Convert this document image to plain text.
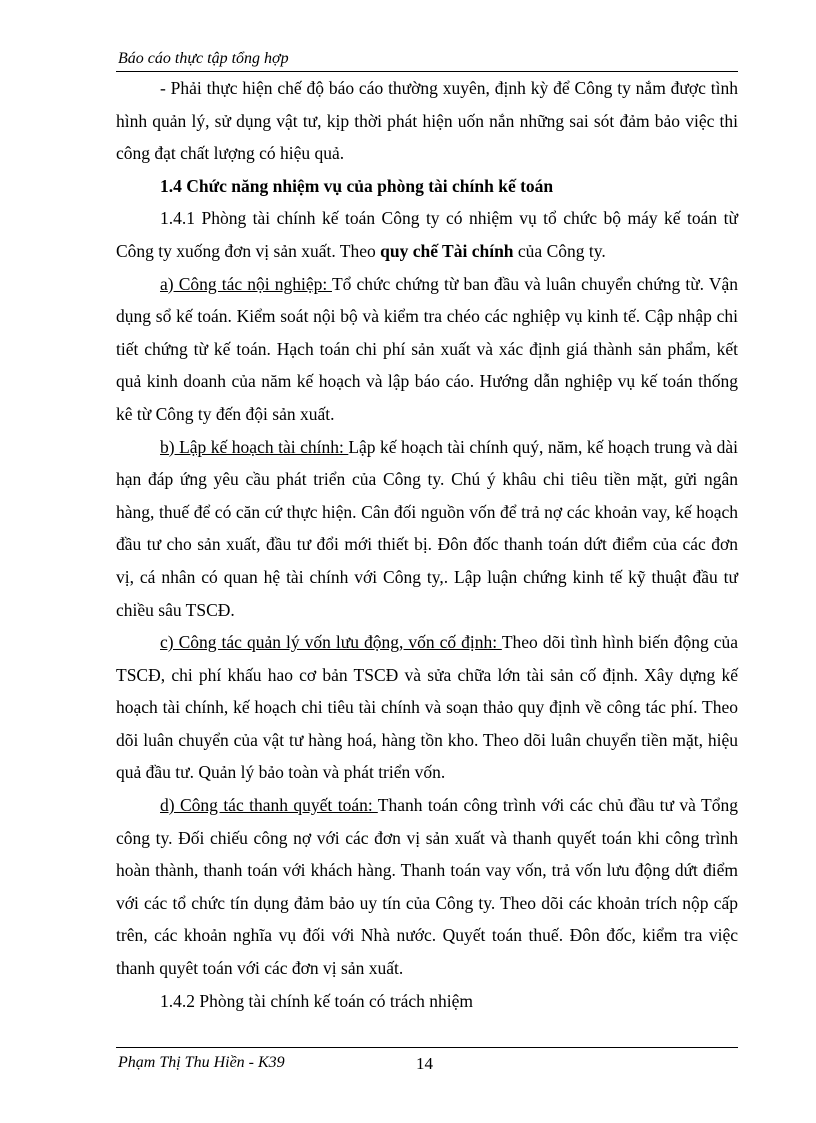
Báo cáo thực tập tổng hợp

- Phải thực hiện chế độ báo cáo thường xuyên, định kỳ để Công ty nắm được tình hình quản lý, sử dụng vật tư, kịp thời phát hiện uốn nắn những sai sót đảm bảo việc thi công đạt chất lượng có hiệu quả.

1.4 Chức năng nhiệm vụ của phòng tài chính kế toán

1.4.1 Phòng tài chính kế toán Công ty có nhiệm vụ tổ chức bộ máy kế toán từ Công ty xuống đơn vị sản xuất. Theo quy chế Tài chính của Công ty.

a) Công tác nội nghiệp: Tổ chức chứng từ ban đầu và luân chuyển chứng từ. Vận dụng sổ kế toán. Kiểm soát nội bộ và kiểm tra chéo các nghiệp vụ kinh tế. Cập nhập chi tiết chứng từ kế toán. Hạch toán chi phí sản xuất và xác định giá thành sản phẩm, kết quả kinh doanh của năm kế hoạch và lập báo cáo. Hướng dẫn nghiệp vụ kế toán thống kê từ Công ty đến đội sản xuất.

b) Lập kế hoạch tài chính: Lập kế hoạch tài chính quý, năm, kế hoạch trung và dài hạn đáp ứng yêu cầu phát triển của Công ty. Chú ý khâu chi tiêu tiền mặt, gửi ngân hàng, thuế để có căn cứ thực hiện. Cân đối nguồn vốn để trả nợ các khoản vay, kế hoạch đầu tư cho sản xuất, đầu tư đổi mới thiết bị. Đôn đốc thanh toán dứt điểm của các đơn vị, cá nhân có quan hệ tài chính với Công ty,. Lập luận chứng kinh tế kỹ thuật đầu tư chiều sâu TSCĐ.

c) Công tác quản lý vốn lưu động, vốn cố định: Theo dõi tình hình biến động của TSCĐ, chi phí khấu hao cơ bản TSCĐ và sửa chữa lớn tài sản cố định. Xây dựng kế hoạch tài chính, kế hoạch chi tiêu tài chính và soạn thảo quy định về công tác phí. Theo dõi luân chuyển của vật tư hàng hoá, hàng tồn kho. Theo dõi luân chuyển tiền mặt, hiệu quả đầu tư. Quản lý bảo toàn và phát triển vốn.

d) Công tác thanh quyết toán: Thanh toán công trình với các chủ đầu tư và Tổng công ty. Đối chiếu công nợ với các đơn vị sản xuất và thanh quyết toán khi công trình hoàn thành, thanh toán với khách hàng. Thanh toán vay vốn, trả vốn lưu động dứt điểm với các tổ chức tín dụng đảm bảo uy tín của Công ty. Theo dõi các khoản trích nộp cấp trên, các khoản nghĩa vụ đối với Nhà nước. Quyết toán thuế. Đôn đốc, kiểm tra việc thanh quyêt toán với các đơn vị sản xuất.

1.4.2 Phòng tài chính kế toán có trách nhiệm

Phạm Thị Thu Hiền - K39	14
